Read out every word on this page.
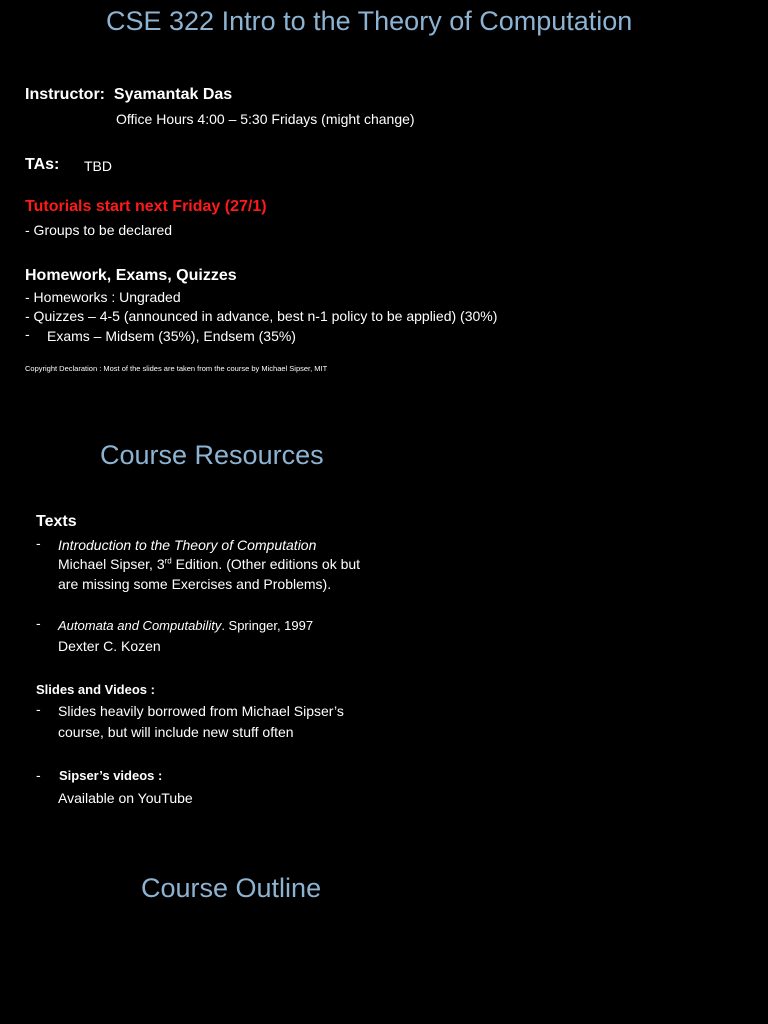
CSE 322 Intro to the Theory of Computation
Instructor: Syamantak Das
Office Hours 4:00 – 5:30 Fridays (might change)
TAs: TBD
Tutorials start next Friday (27/1)
- Groups to be declared
Homework, Exams, Quizzes
- Homeworks : Ungraded
- Quizzes – 4-5 (announced in advance, best n-1 policy to be applied) (30%)
- Exams – Midsem (35%), Endsem (35%)
Copyright Declaration : Most of the slides are taken from the course by Michael Sipser, MIT
Course Resources
Texts
- Introduction to the Theory of Computation
Michael Sipser, 3rd Edition. (Other editions ok but
are missing some Exercises and Problems).
- Automata and Computability. Springer, 1997
Dexter C. Kozen
Slides and Videos :
- Slides heavily borrowed from Michael Sipser’s
course, but will include new stuff often
- Sipser’s videos :
Available on YouTube
Course Outline
